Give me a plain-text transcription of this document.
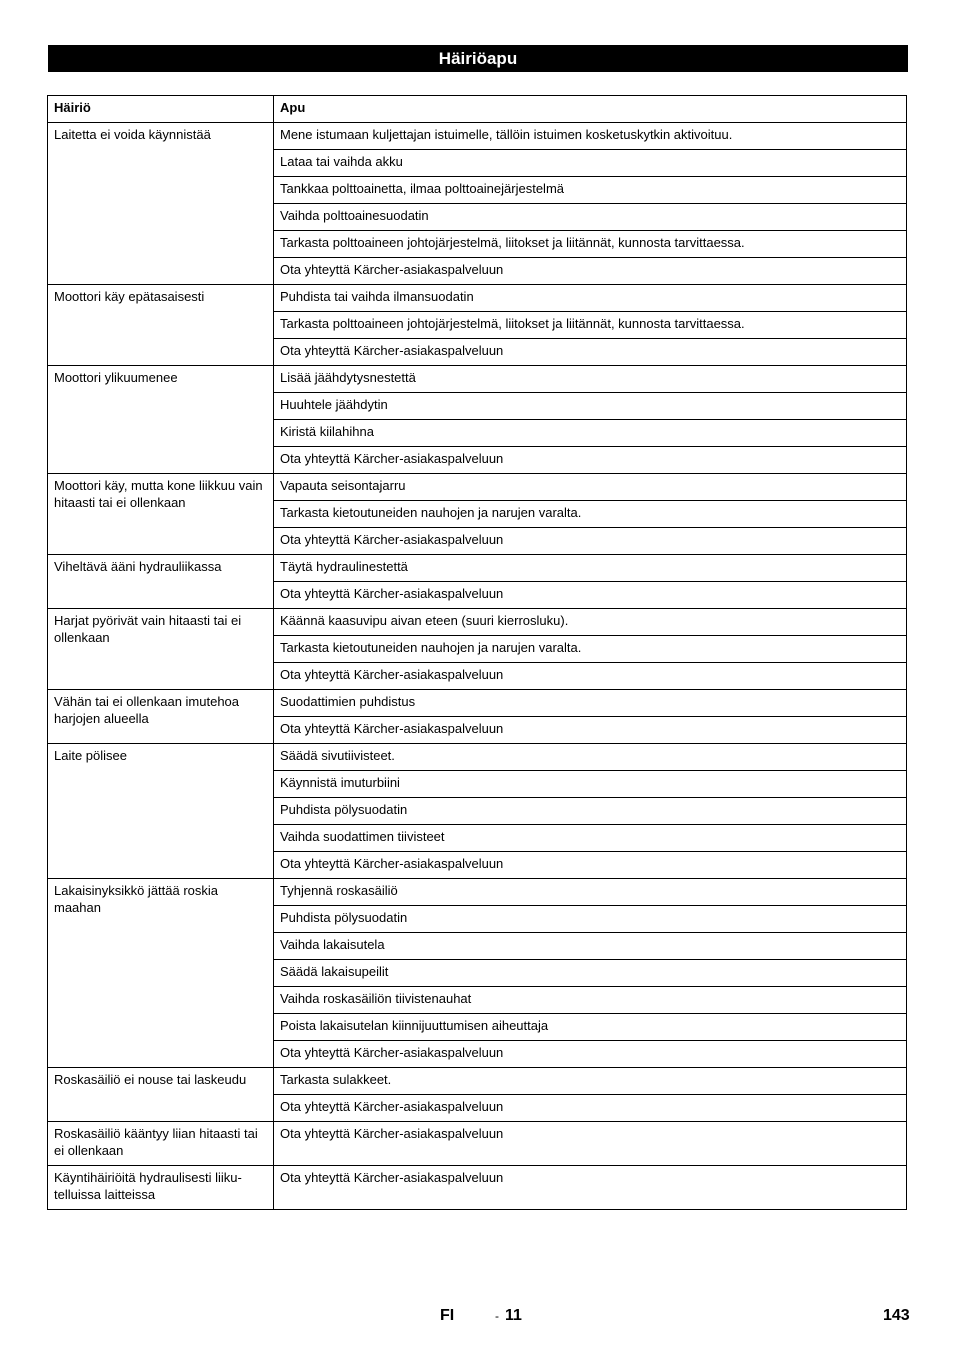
Häiriöapu
Häiriö	Apu
Laitetta ei voida käynnistää	Mene istumaan kuljettajan istuimelle, tällöin istuimen kosketuskytkin aktivoituu.
	Lataa tai vaihda akku
	Tankkaa polttoainetta, ilmaa polttoainejärjestelmä
	Vaihda polttoainesuodatin
	Tarkasta polttoaineen johtojärjestelmä, liitokset ja liitännät, kunnosta tarvittaessa.
	Ota yhteyttä Kärcher-asiakaspalveluun
Moottori käy epätasaisesti	Puhdista tai vaihda ilmansuodatin
	Tarkasta polttoaineen johtojärjestelmä, liitokset ja liitännät, kunnosta tarvittaessa.
	Ota yhteyttä Kärcher-asiakaspalveluun
Moottori ylikuumenee	Lisää jäähdytysnestettä
	Huuhtele jäähdytin
	Kiristä kiilahihna
	Ota yhteyttä Kärcher-asiakaspalveluun
Moottori käy, mutta kone liikkuu vain hitaasti tai ei ollenkaan	Vapauta seisontajarru
	Tarkasta kietoutuneiden nauhojen ja narujen varalta.
	Ota yhteyttä Kärcher-asiakaspalveluun
Viheltävä ääni hydrauliikassa	Täytä hydraulinestettä
	Ota yhteyttä Kärcher-asiakaspalveluun
Harjat pyörivät vain hitaasti tai ei ollenkaan	Käännä kaasuvipu aivan eteen (suuri kierrosluku).
	Tarkasta kietoutuneiden nauhojen ja narujen varalta.
	Ota yhteyttä Kärcher-asiakaspalveluun
Vähän tai ei ollenkaan imutehoa harjojen alueella	Suodattimien puhdistus
	Ota yhteyttä Kärcher-asiakaspalveluun
Laite pölisee	Säädä sivutiivisteet.
	Käynnistä imuturbiini
	Puhdista pölysuodatin
	Vaihda suodattimen tiivisteet
	Ota yhteyttä Kärcher-asiakaspalveluun
Lakaisinyksikkö jättää roskia maahan	Tyhjennä roskasäiliö
	Puhdista pölysuodatin
	Vaihda lakaisutela
	Säädä lakaisupeilit
	Vaihda roskasäiliön tiivistenauhat
	Poista lakaisutelan kiinnijuuttumisen aiheuttaja
	Ota yhteyttä Kärcher-asiakaspalveluun
Roskasäiliö ei nouse tai laskeudu	Tarkasta sulakkeet.
	Ota yhteyttä Kärcher-asiakaspalveluun
Roskasäiliö kääntyy liian hitaasti tai ei ollenkaan	Ota yhteyttä Kärcher-asiakaspalveluun
Käyntihäiriöitä hydraulisesti liiku-telluissa laitteissa	Ota yhteyttä Kärcher-asiakaspalveluun
FI	- 11	143
